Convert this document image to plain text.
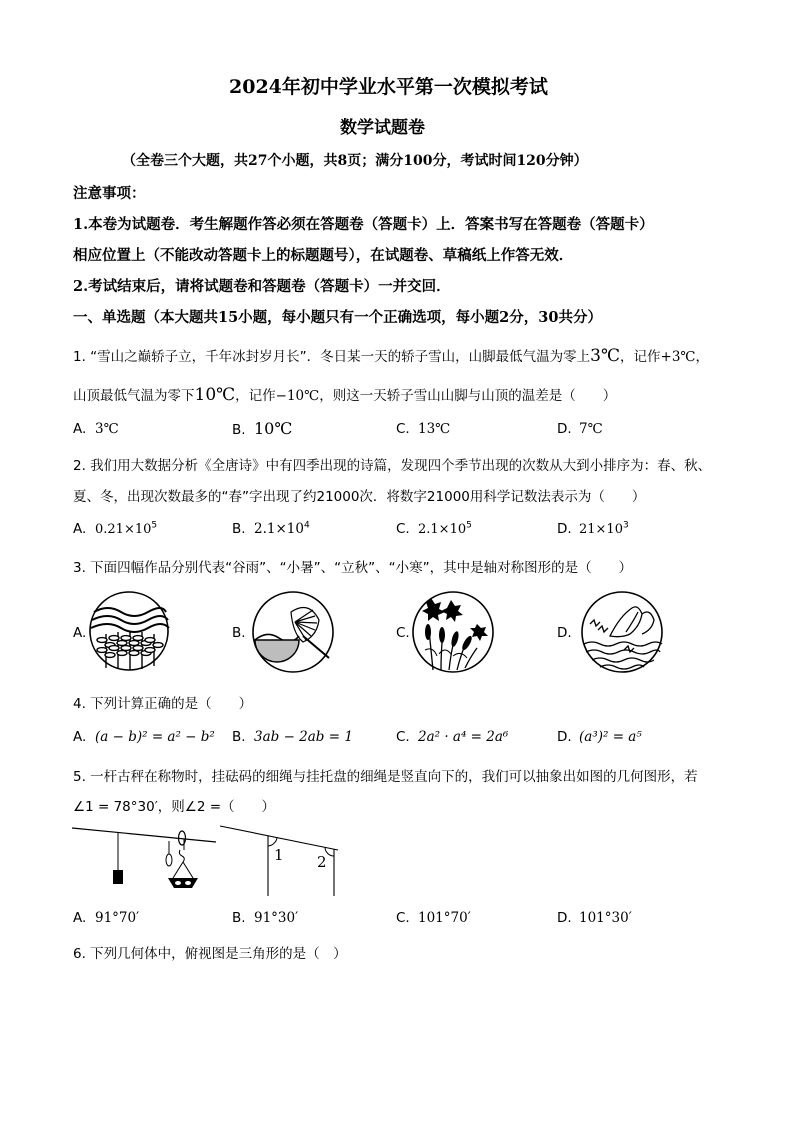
2024年初中学业水平第一次模拟考试
数学试题卷
（全卷三个大题，共27个小题，共8页；满分100分，考试时间120分钟）
注意事项：
1.本卷为试题卷．考生解题作答必须在答题卷（答题卡）上．答案书写在答题卷（答题卡）
相应位置上（不能改动答题卡上的标题题号），在试题卷、草稿纸上作答无效．
2.考试结束后，请将试题卷和答题卷（答题卡）一并交回．
一、单选题（本大题共15小题，每小题只有一个正确选项，每小题2分，30共分）
1. “雪山之巅轿子立，千年冰封岁月长”．冬日某一天的轿子雪山，山脚最低气温为零上3℃，记作+3℃，
山顶最低气温为零下10℃，记作−10℃，则这一天轿子雪山山脚与山顶的温差是（　　）
A. 3℃	B. 10℃	C. 13℃	D. 7℃
2. 我们用大数据分析《全唐诗》中有四季出现的诗篇，发现四个季节出现的次数从大到小排序为：春、秋、
夏、冬，出现次数最多的“春”字出现了约21000次．将数字21000用科学记数法表示为（　　）
A. $0.21\times 10^5$	B. $2.1\times 10^4$	C. $2.1\times 10^5$	D. $21\times 10^3$
3. 下面四幅作品分别代表“谷雨”、“小暑”、“立秋”、“小寒”，其中是轴对称图形的是（　　）
A.	B.	C.	D.
4. 下列计算正确的是（　　）
A. (a − b)² = a² − b² B. 3ab − 2ab = 1	C. 2a² · a⁴ = 2a⁶	D. (a³)² = a⁵
5. 一杆古秤在称物时，挂砝码的细绳与挂托盘的细绳是竖直向下的，我们可以抽象出如图的几何图形，若
∠1 = 78°30′，则∠2 =（　　）
1 2
A. 91°70′	B. 91°30′	C. 101°70′	D. 101°30′
6. 下列几何体中，俯视图是三角形的是（　）
